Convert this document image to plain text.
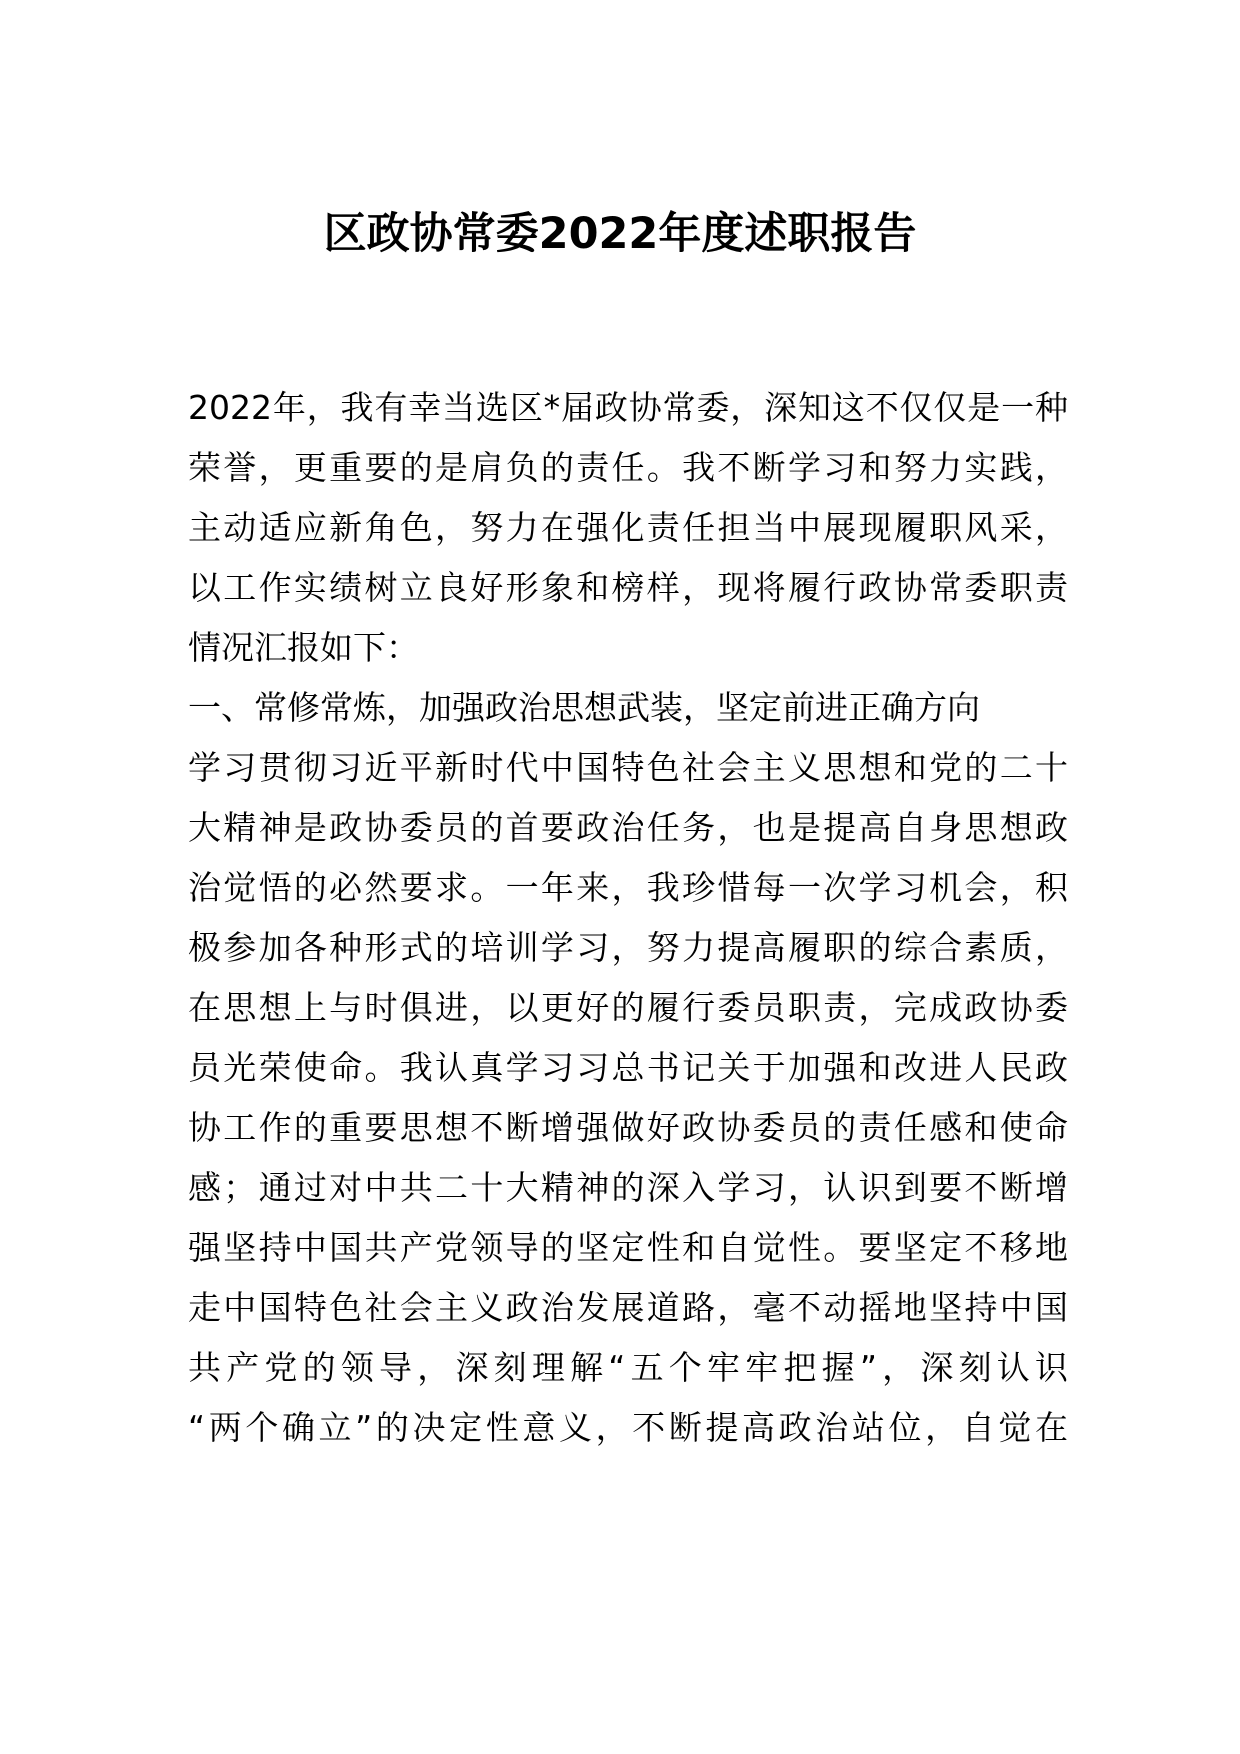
区政协常委2022年度述职报告

2022年，我有幸当选区*届政协常委，深知这不仅仅是一种

荣誉，更重要的是肩负的责任。我不断学习和努力实践，

主动适应新角色，努力在强化责任担当中展现履职风采，

以工作实绩树立良好形象和榜样，现将履行政协常委职责

情况汇报如下：

一、常修常炼，加强政治思想武装，坚定前进正确方向

学习贯彻习近平新时代中国特色社会主义思想和党的二十

大精神是政协委员的首要政治任务，也是提高自身思想政

治觉悟的必然要求。一年来，我珍惜每一次学习机会，积

极参加各种形式的培训学习，努力提高履职的综合素质，

在思想上与时俱进，以更好的履行委员职责，完成政协委

员光荣使命。我认真学习习总书记关于加强和改进人民政

协工作的重要思想不断增强做好政协委员的责任感和使命

感；通过对中共二十大精神的深入学习，认识到要不断增

强坚持中国共产党领导的坚定性和自觉性。要坚定不移地

走中国特色社会主义政治发展道路，毫不动摇地坚持中国

共产党的领导，深刻理解“五个牢牢把握”，深刻认识

“两个确立”的决定性意义，不断提高政治站位，自觉在
